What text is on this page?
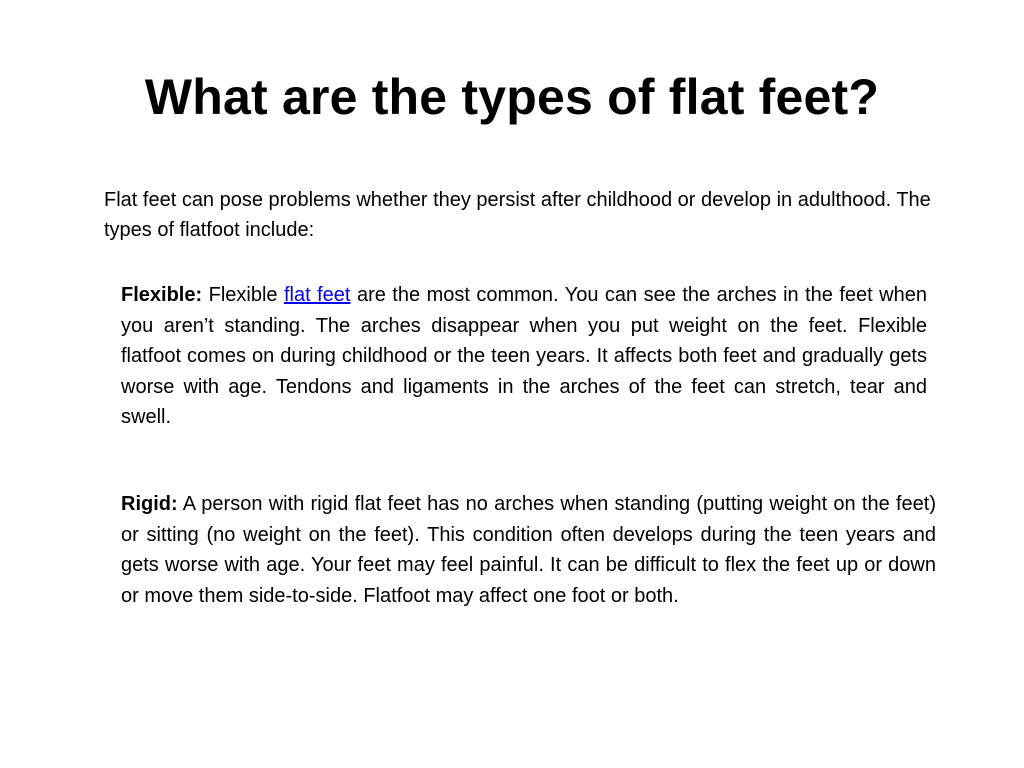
What are the types of flat feet?
Flat feet can pose problems whether they persist after childhood or develop in adulthood. The types of flatfoot include:
Flexible: Flexible flat feet are the most common. You can see the arches in the feet when you aren’t standing. The arches disappear when you put weight on the feet. Flexible flatfoot comes on during childhood or the teen years. It affects both feet and gradually gets worse with age. Tendons and ligaments in the arches of the feet can stretch, tear and swell.
Rigid: A person with rigid flat feet has no arches when standing (putting weight on the feet) or sitting (no weight on the feet). This condition often develops during the teen years and gets worse with age. Your feet may feel painful. It can be difficult to flex the feet up or down or move them side-to-side. Flatfoot may affect one foot or both.
